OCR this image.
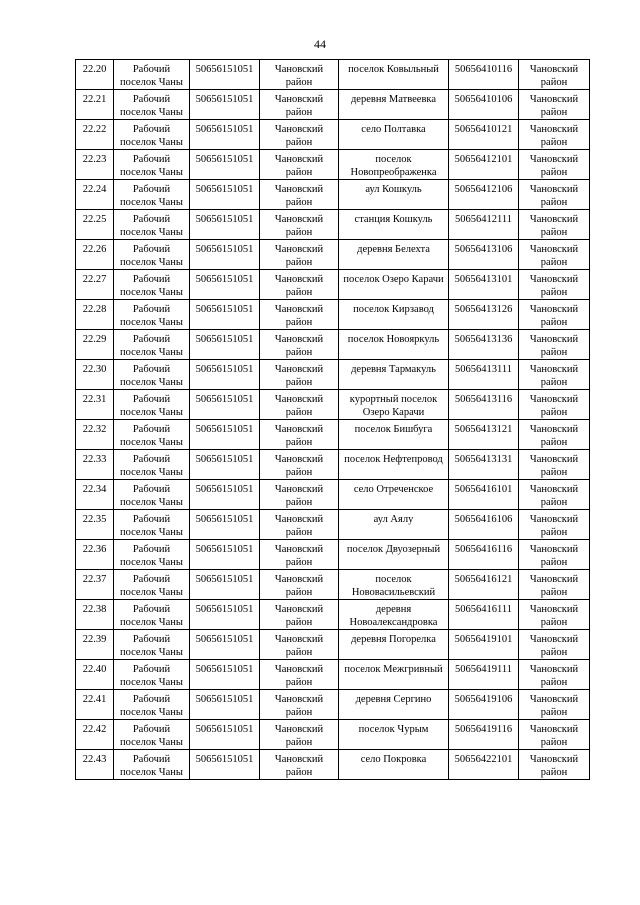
44
22.20	Рабочий поселок Чаны	50656151051	Чановский район	поселок Ковыльный	50656410116	Чановский район
22.21	Рабочий поселок Чаны	50656151051	Чановский район	деревня Матвеевка	50656410106	Чановский район
22.22	Рабочий поселок Чаны	50656151051	Чановский район	село Полтавка	50656410121	Чановский район
22.23	Рабочий поселок Чаны	50656151051	Чановский район	поселок Новопреображенка	50656412101	Чановский район
22.24	Рабочий поселок Чаны	50656151051	Чановский район	аул Кошкуль	50656412106	Чановский район
22.25	Рабочий поселок Чаны	50656151051	Чановский район	станция Кошкуль	50656412111	Чановский район
22.26	Рабочий поселок Чаны	50656151051	Чановский район	деревня Белехта	50656413106	Чановский район
22.27	Рабочий поселок Чаны	50656151051	Чановский район	поселок Озеро Карачи	50656413101	Чановский район
22.28	Рабочий поселок Чаны	50656151051	Чановский район	поселок Кирзавод	50656413126	Чановский район
22.29	Рабочий поселок Чаны	50656151051	Чановский район	поселок Новояркуль	50656413136	Чановский район
22.30	Рабочий поселок Чаны	50656151051	Чановский район	деревня Тармакуль	50656413111	Чановский район
22.31	Рабочий поселок Чаны	50656151051	Чановский район	курортный поселок Озеро Карачи	50656413116	Чановский район
22.32	Рабочий поселок Чаны	50656151051	Чановский район	поселок Бишбуга	50656413121	Чановский район
22.33	Рабочий поселок Чаны	50656151051	Чановский район	поселок Нефтепровод	50656413131	Чановский район
22.34	Рабочий поселок Чаны	50656151051	Чановский район	село Отреченское	50656416101	Чановский район
22.35	Рабочий поселок Чаны	50656151051	Чановский район	аул Аялу	50656416106	Чановский район
22.36	Рабочий поселок Чаны	50656151051	Чановский район	поселок Двуозерный	50656416116	Чановский район
22.37	Рабочий поселок Чаны	50656151051	Чановский район	поселок Нововасильевский	50656416121	Чановский район
22.38	Рабочий поселок Чаны	50656151051	Чановский район	деревня Новоалександровка	50656416111	Чановский район
22.39	Рабочий поселок Чаны	50656151051	Чановский район	деревня Погорелка	50656419101	Чановский район
22.40	Рабочий поселок Чаны	50656151051	Чановский район	поселок Межгривный	50656419111	Чановский район
22.41	Рабочий поселок Чаны	50656151051	Чановский район	деревня Сергино	50656419106	Чановский район
22.42	Рабочий поселок Чаны	50656151051	Чановский район	поселок Чурым	50656419116	Чановский район
22.43	Рабочий поселок Чаны	50656151051	Чановский район	село Покровка	50656422101	Чановский район
